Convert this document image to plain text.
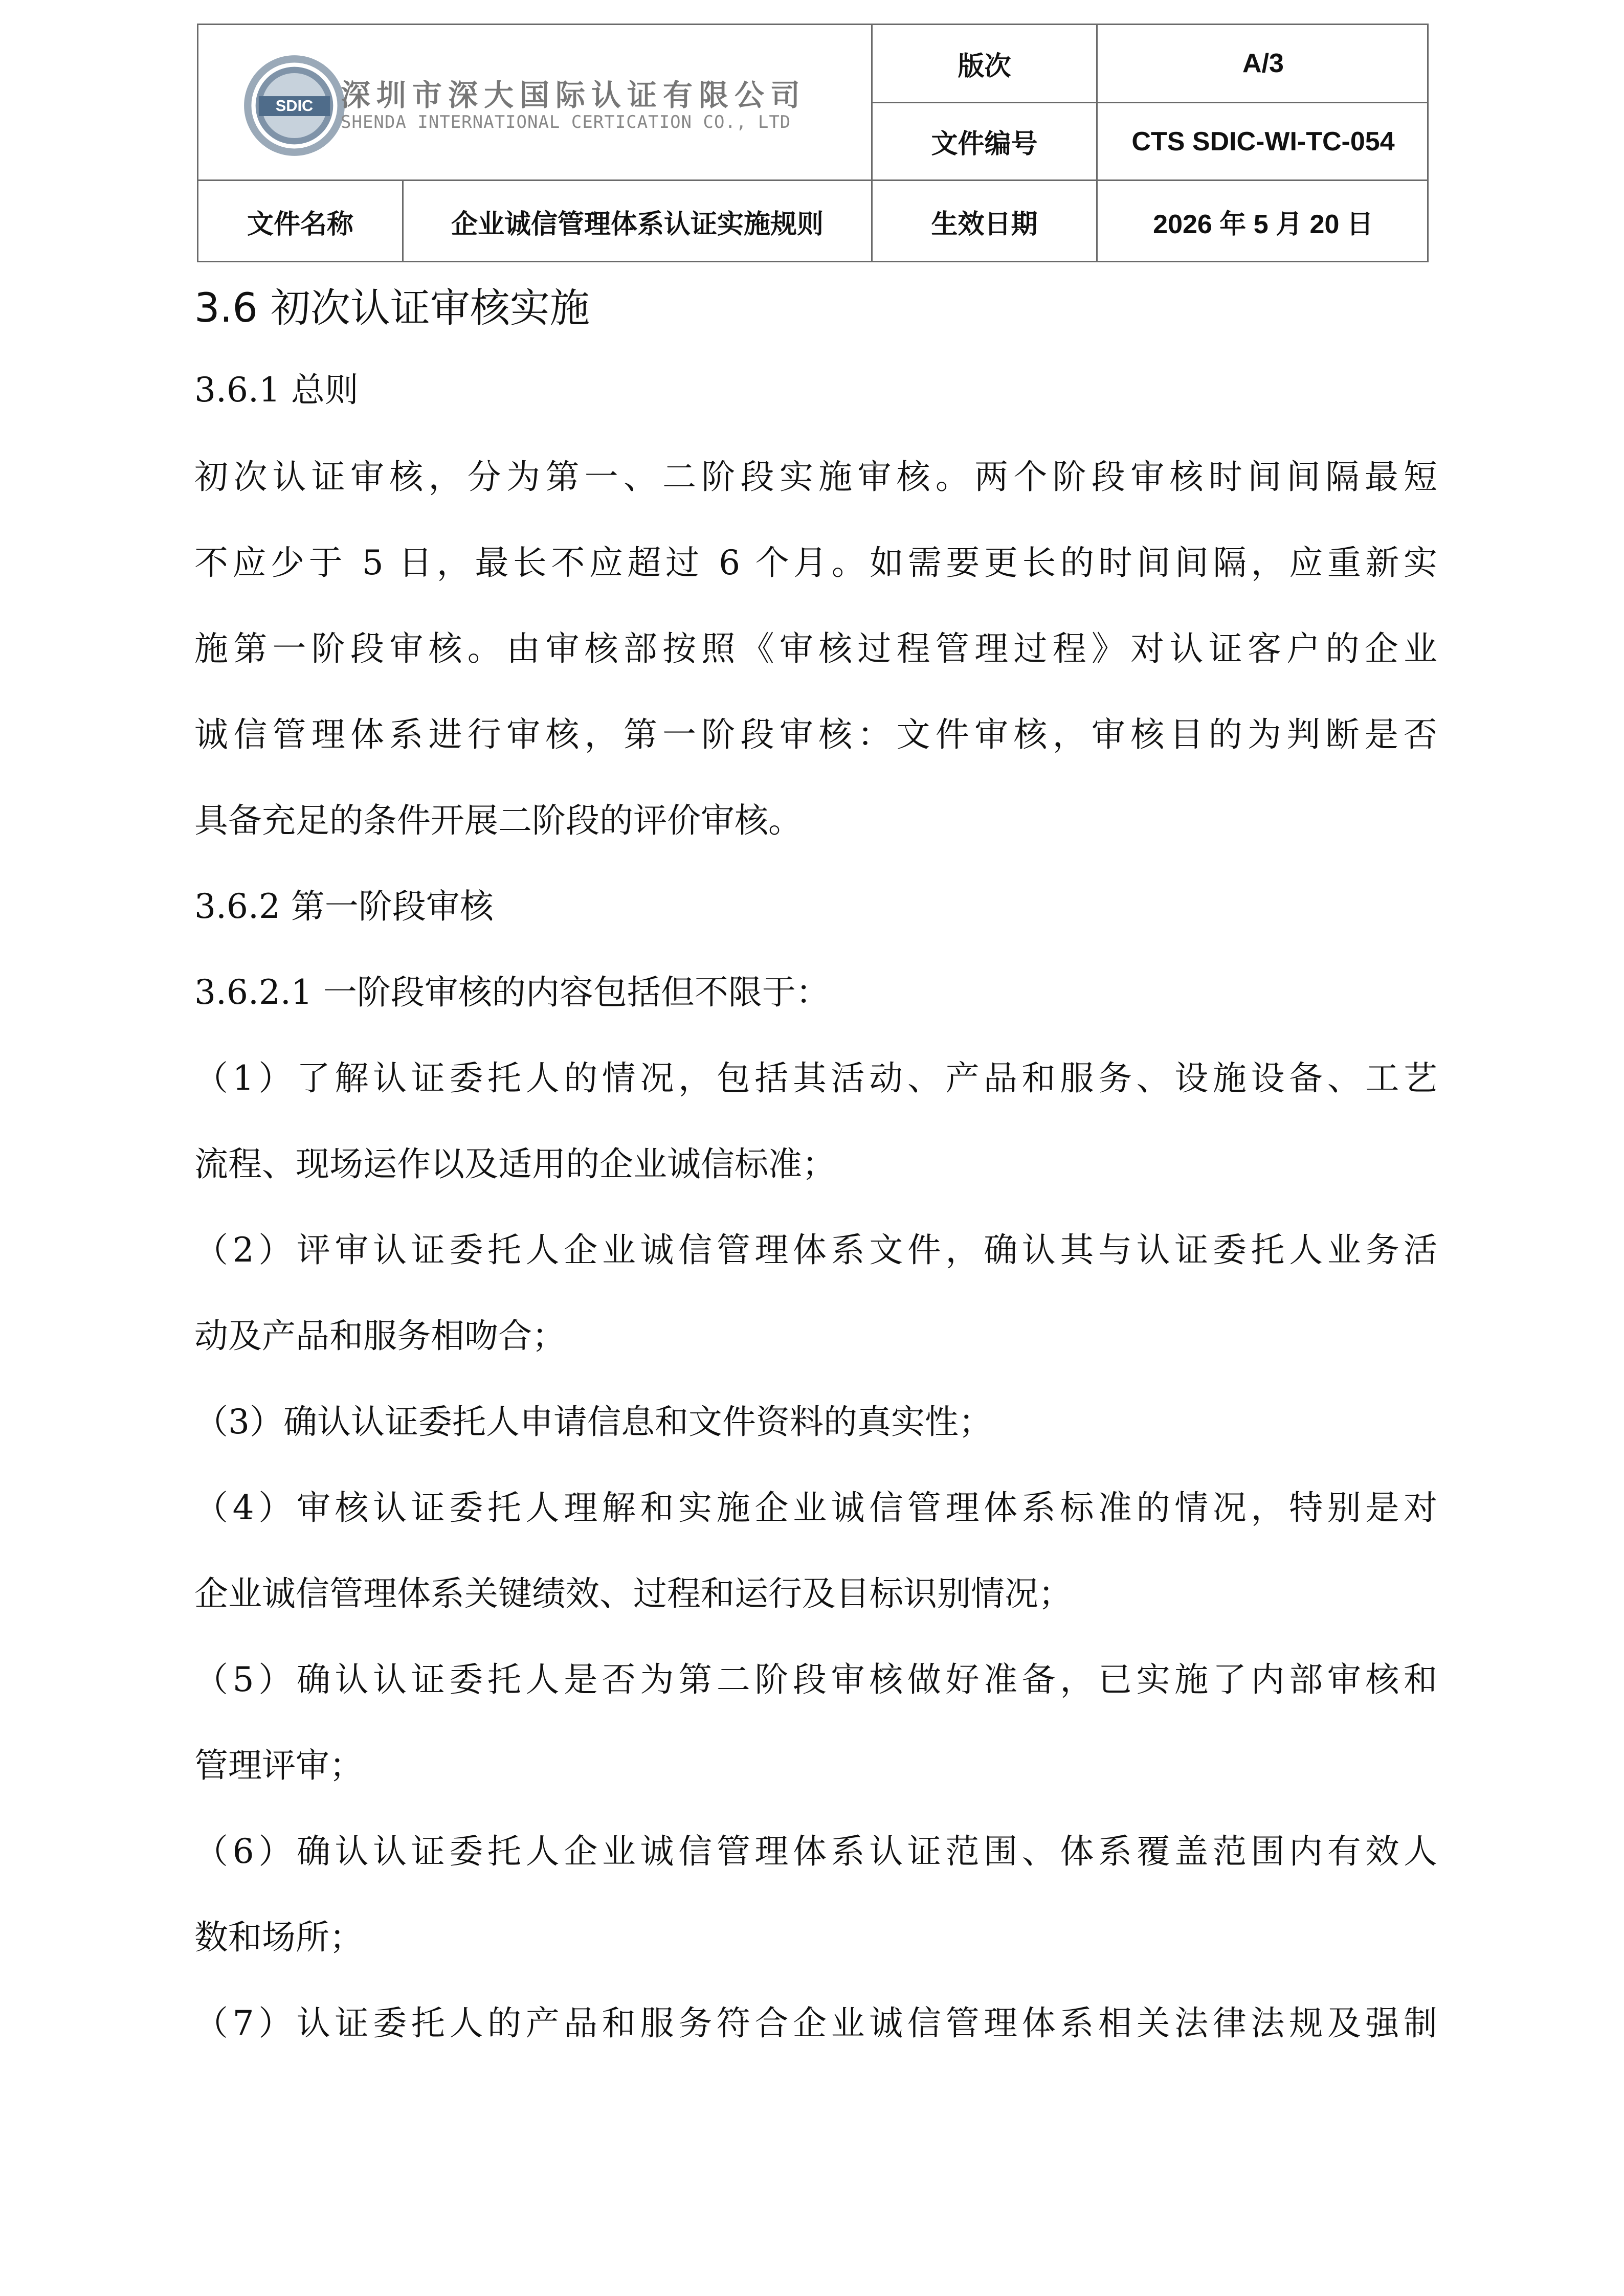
SDIC 深圳市深大国际认证有限公司
SHENDA INTERNATIONAL CERTICATION CO., LTD
版次	A/3
文件编号	CTS SDIC-WI-TC-054
文件名称	企业诚信管理体系认证实施规则	生效日期	2026 年 5 月 20 日
3.6 初次认证审核实施
3.6.1 总则
初次认证审核，分为第一、二阶段实施审核。两个阶段审核时间间隔最短
不应少于 5 日，最长不应超过 6 个月。如需要更长的时间间隔，应重新实
施第一阶段审核。由审核部按照《审核过程管理过程》对认证客户的企业
诚信管理体系进行审核，第一阶段审核：文件审核，审核目的为判断是否
具备充足的条件开展二阶段的评价审核。
3.6.2 第一阶段审核
3.6.2.1 一阶段审核的内容包括但不限于：
（1）了解认证委托人的情况，包括其活动、产品和服务、设施设备、工艺
流程、现场运作以及适用的企业诚信标准；
（2）评审认证委托人企业诚信管理体系文件，确认其与认证委托人业务活
动及产品和服务相吻合；
（3）确认认证委托人申请信息和文件资料的真实性；
（4）审核认证委托人理解和实施企业诚信管理体系标准的情况，特别是对
企业诚信管理体系关键绩效、过程和运行及目标识别情况；
（5）确认认证委托人是否为第二阶段审核做好准备，已实施了内部审核和
管理评审；
（6）确认认证委托人企业诚信管理体系认证范围、体系覆盖范围内有效人
数和场所；
（7）认证委托人的产品和服务符合企业诚信管理体系相关法律法规及强制
